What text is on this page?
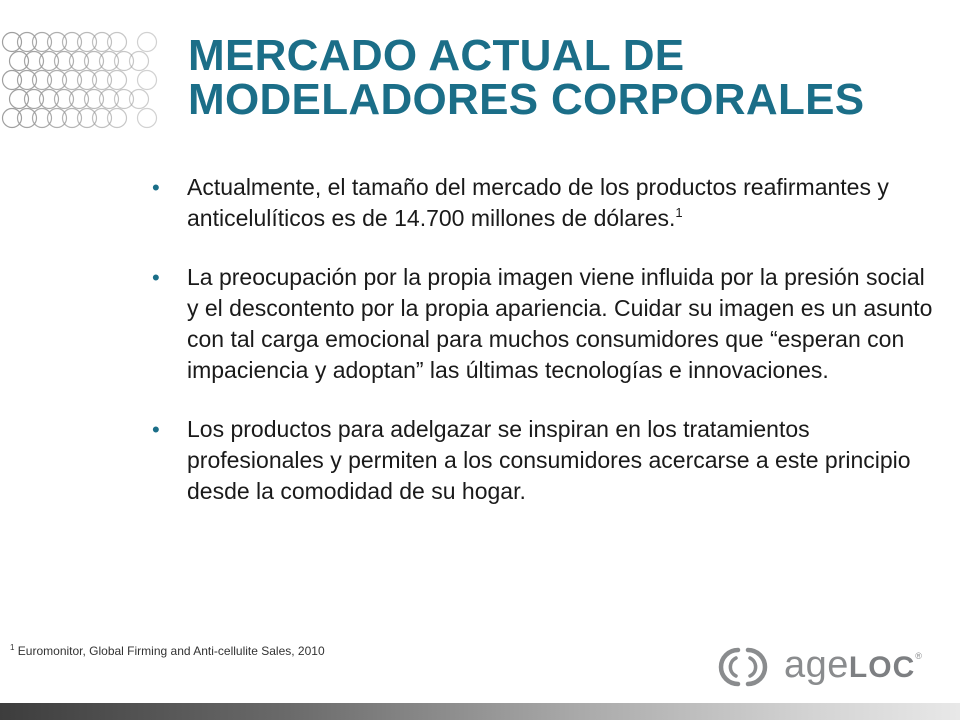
MERCADO ACTUAL DE
MODELADORES CORPORALES
• Actualmente, el tamaño del mercado de los productos reafirmantes y anticelulíticos es de 14.700 millones de dólares.$^1$
• La preocupación por la propia imagen viene influida por la presión social y el descontento por la propia apariencia. Cuidar su imagen es un asunto con tal carga emocional para muchos consumidores que “esperan con impaciencia y adoptan” las últimas tecnologías e innovaciones.
• Los productos para adelgazar se inspiran en los tratamientos profesionales y permiten a los consumidores acercarse a este principio desde la comodidad de su hogar.
$^1$ Euromonitor, Global Firming and Anti-cellulite Sales, 2010	ageLOC®
